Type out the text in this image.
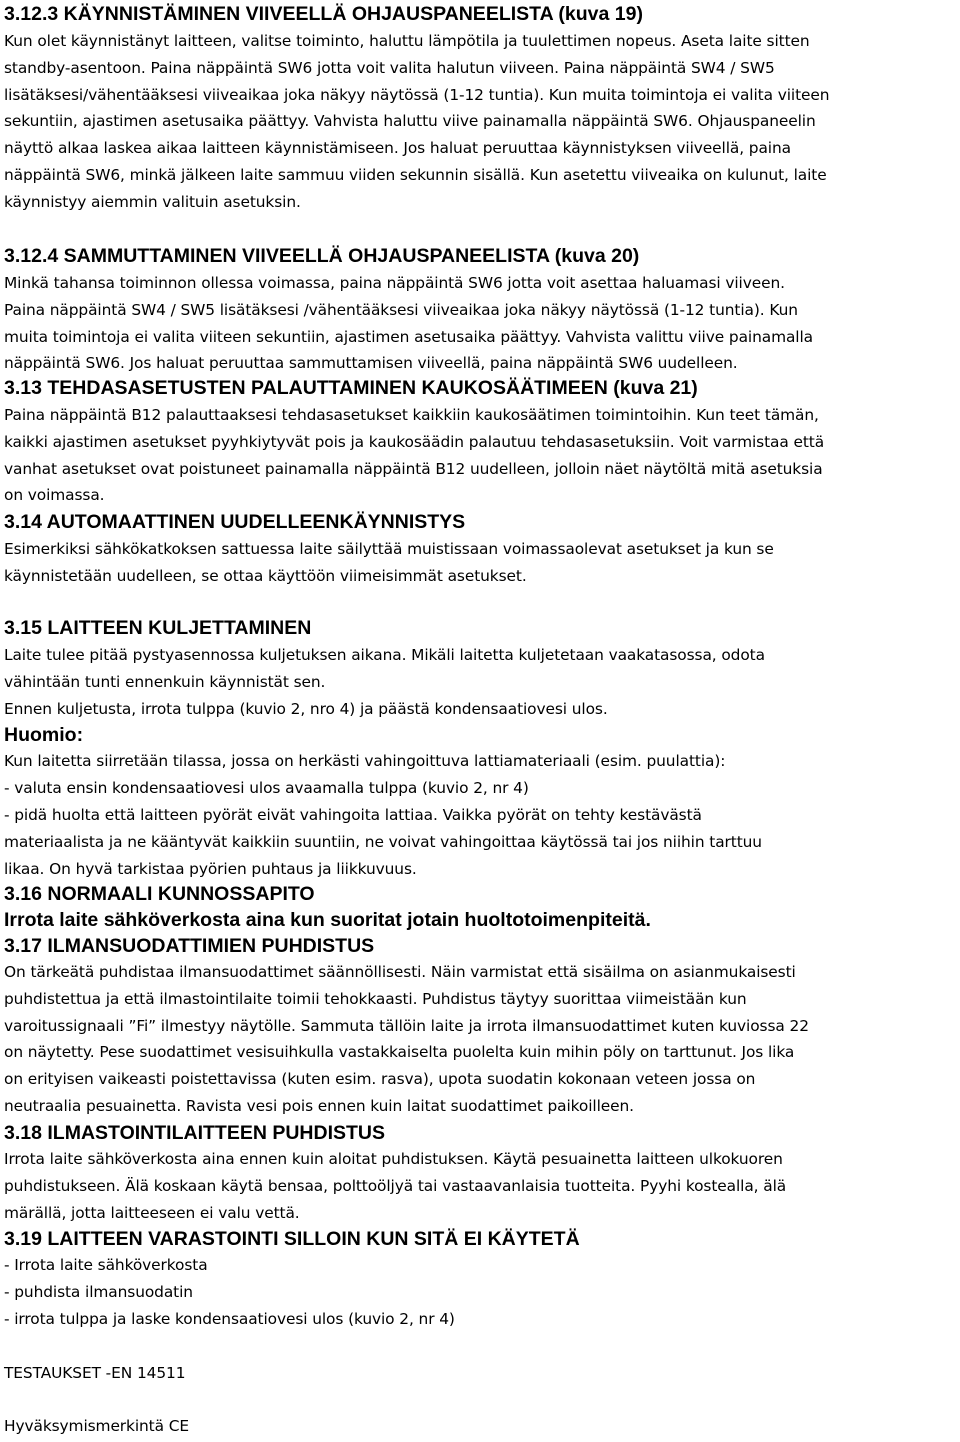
3.12.3 KÄYNNISTÄMINEN VIIVEELLÄ OHJAUSPANEELISTA (kuva 19)
Kun olet käynnistänyt laitteen, valitse toiminto, haluttu lämpötila ja tuulettimen nopeus. Aseta laite sitten
standby-asentoon. Paina näppäintä SW6 jotta voit valita halutun viiveen. Paina näppäintä SW4 / SW5
lisätäksesi/vähentääksesi viiveaikaa joka näkyy näytössä (1-12 tuntia). Kun muita toimintoja ei valita viiteen
sekuntiin, ajastimen asetusaika päättyy. Vahvista haluttu viive painamalla näppäintä SW6. Ohjauspaneelin
näyttö alkaa laskea aikaa laitteen käynnistämiseen. Jos haluat peruuttaa käynnistyksen viiveellä, paina
näppäintä SW6, minkä jälkeen laite sammuu viiden sekunnin sisällä. Kun asetettu viiveaika on kulunut, laite
käynnistyy aiemmin valituin asetuksin.
3.12.4 SAMMUTTAMINEN VIIVEELLÄ OHJAUSPANEELISTA (kuva 20)
Minkä tahansa toiminnon ollessa voimassa, paina näppäintä SW6 jotta voit asettaa haluamasi viiveen.
Paina näppäintä SW4 / SW5 lisätäksesi /vähentääksesi viiveaikaa joka näkyy näytössä (1-12 tuntia). Kun
muita toimintoja ei valita viiteen sekuntiin, ajastimen asetusaika päättyy. Vahvista valittu viive painamalla
näppäintä SW6. Jos haluat peruuttaa sammuttamisen viiveellä, paina näppäintä SW6 uudelleen.
3.13 TEHDASASETUSTEN PALAUTTAMINEN KAUKOSÄÄTIMEEN (kuva 21)
Paina näppäintä B12 palauttaaksesi tehdasasetukset kaikkiin kaukosäätimen toimintoihin. Kun teet tämän,
kaikki ajastimen asetukset pyyhkiytyvät pois ja kaukosäädin palautuu tehdasasetuksiin. Voit varmistaa että
vanhat asetukset ovat poistuneet painamalla näppäintä B12 uudelleen, jolloin näet näytöltä mitä asetuksia
on voimassa.
3.14 AUTOMAATTINEN UUDELLEENKÄYNNISTYS
Esimerkiksi sähkökatkoksen sattuessa laite säilyttää muistissaan voimassaolevat asetukset ja kun se
käynnistetään uudelleen, se ottaa käyttöön viimeisimmät asetukset.
3.15 LAITTEEN KULJETTAMINEN
Laite tulee pitää pystyasennossa kuljetuksen aikana. Mikäli laitetta kuljetetaan vaakatasossa, odota
vähintään tunti ennenkuin käynnistät sen.
Ennen kuljetusta, irrota tulppa (kuvio 2, nro 4) ja päästä kondensaatiovesi ulos.
Huomio:
Kun laitetta siirretään tilassa, jossa on herkästi vahingoittuva lattiamateriaali (esim. puulattia):
- valuta ensin kondensaatiovesi ulos avaamalla tulppa (kuvio 2, nr 4)
- pidä huolta että laitteen pyörät eivät vahingoita lattiaa. Vaikka pyörät on tehty kestävästä
materiaalista ja ne kääntyvät kaikkiin suuntiin, ne voivat vahingoittaa käytössä tai jos niihin tarttuu
likaa. On hyvä tarkistaa pyörien puhtaus ja liikkuvuus.
3.16 NORMAALI KUNNOSSAPITO
Irrota laite sähköverkosta aina kun suoritat jotain huoltotoimenpiteitä.
3.17 ILMANSUODATTIMIEN PUHDISTUS
On tärkeätä puhdistaa ilmansuodattimet säännöllisesti. Näin varmistat että sisäilma on asianmukaisesti
puhdistettua ja että ilmastointilaite toimii tehokkaasti. Puhdistus täytyy suorittaa viimeistään kun
varoitussignaali ”Fi” ilmestyy näytölle. Sammuta tällöin laite ja irrota ilmansuodattimet kuten kuviossa 22
on näytetty. Pese suodattimet vesisuihkulla vastakkaiselta puolelta kuin mihin pöly on tarttunut. Jos lika
on erityisen vaikeasti poistettavissa (kuten esim. rasva), upota suodatin kokonaan veteen jossa on
neutraalia pesuainetta. Ravista vesi pois ennen kuin laitat suodattimet paikoilleen.
3.18 ILMASTOINTILAITTEEN PUHDISTUS
Irrota laite sähköverkosta aina ennen kuin aloitat puhdistuksen. Käytä pesuainetta laitteen ulkokuoren
puhdistukseen. Älä koskaan käytä bensaa, polttoöljyä tai vastaavanlaisia tuotteita. Pyyhi kostealla, älä
märällä, jotta laitteeseen ei valu vettä.
3.19 LAITTEEN VARASTOINTI SILLOIN KUN SITÄ EI KÄYTETÄ
- Irrota laite sähköverkosta
- puhdista ilmansuodatin
- irrota tulppa ja laske kondensaatiovesi ulos (kuvio 2, nr 4)
TESTAUKSET -EN 14511
Hyväksymismerkintä CE
